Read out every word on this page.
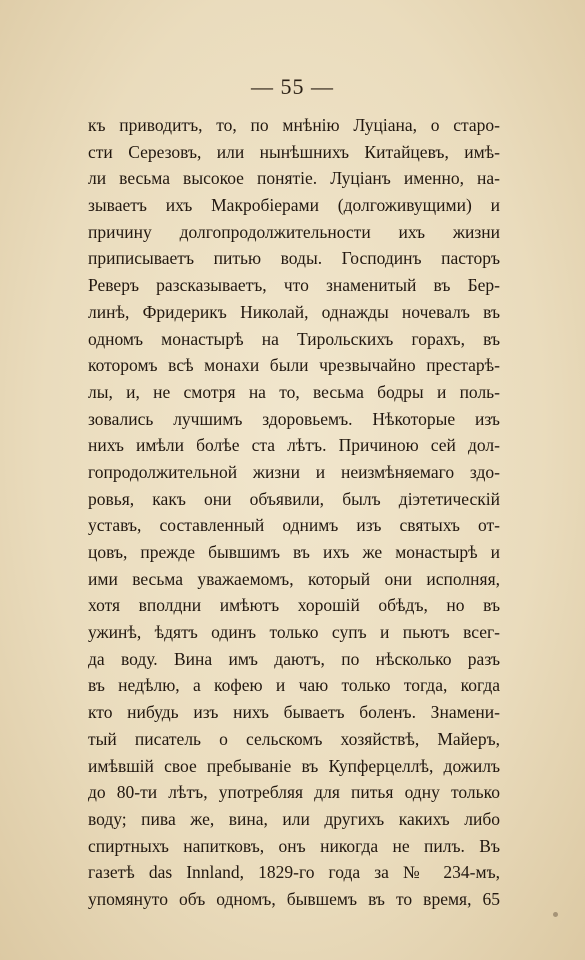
— 55 —
къ приводитъ, то, по мнѣнію Луціана, о старо-
сти Серезовъ, или нынѣшнихъ Китайцевъ, имѣ-
ли весьма высокое понятіе. Луціанъ именно, на-
зываетъ ихъ Макробіерами (долгоживущими) и
причину долгопродолжительности ихъ жизни
приписываетъ питью воды. Господинъ пасторъ
Реверъ разсказываетъ, что знаменитый въ Бер-
линѣ, Фридерикъ Николай, однажды ночевалъ въ
одномъ монастырѣ на Тирольскихъ горахъ, въ
которомъ всѣ монахи были чрезвычайно престарѣ-
лы, и, не смотря на то, весьма бодры и поль-
зовались лучшимъ здоровьемъ. Нѣкоторые изъ
нихъ имѣли болѣе ста лѣтъ. Причиною сей дол-
гопродолжительной жизни и неизмѣняемаго здо-
ровья, какъ они объявили, былъ діэтетическій
уставъ, составленный однимъ изъ святыхъ от-
цовъ, прежде бывшимъ въ ихъ же монастырѣ и
ими весьма уважаемомъ, который они исполняя,
хотя вполдни имѣютъ хорошій обѣдъ, но въ
ужинѣ, ѣдятъ одинъ только супъ и пьютъ всег-
да воду. Вина имъ даютъ, по нѣсколько разъ
въ недѣлю, а кофею и чаю только тогда, когда
кто нибудь изъ нихъ бываетъ боленъ. Знамени-
тый писатель о сельскомъ хозяйствѣ, Майеръ,
имѣвшій свое пребываніе въ Купферцеллѣ, дожилъ
до 80-ти лѣтъ, употребляя для питья одну только
воду; пива же, вина, или другихъ какихъ либо
спиртныхъ напитковъ, онъ никогда не пилъ. Въ
газетѣ das Innland, 1829-го года за № 234-мъ,
упомянуто объ одномъ, бывшемъ въ то время, 65
